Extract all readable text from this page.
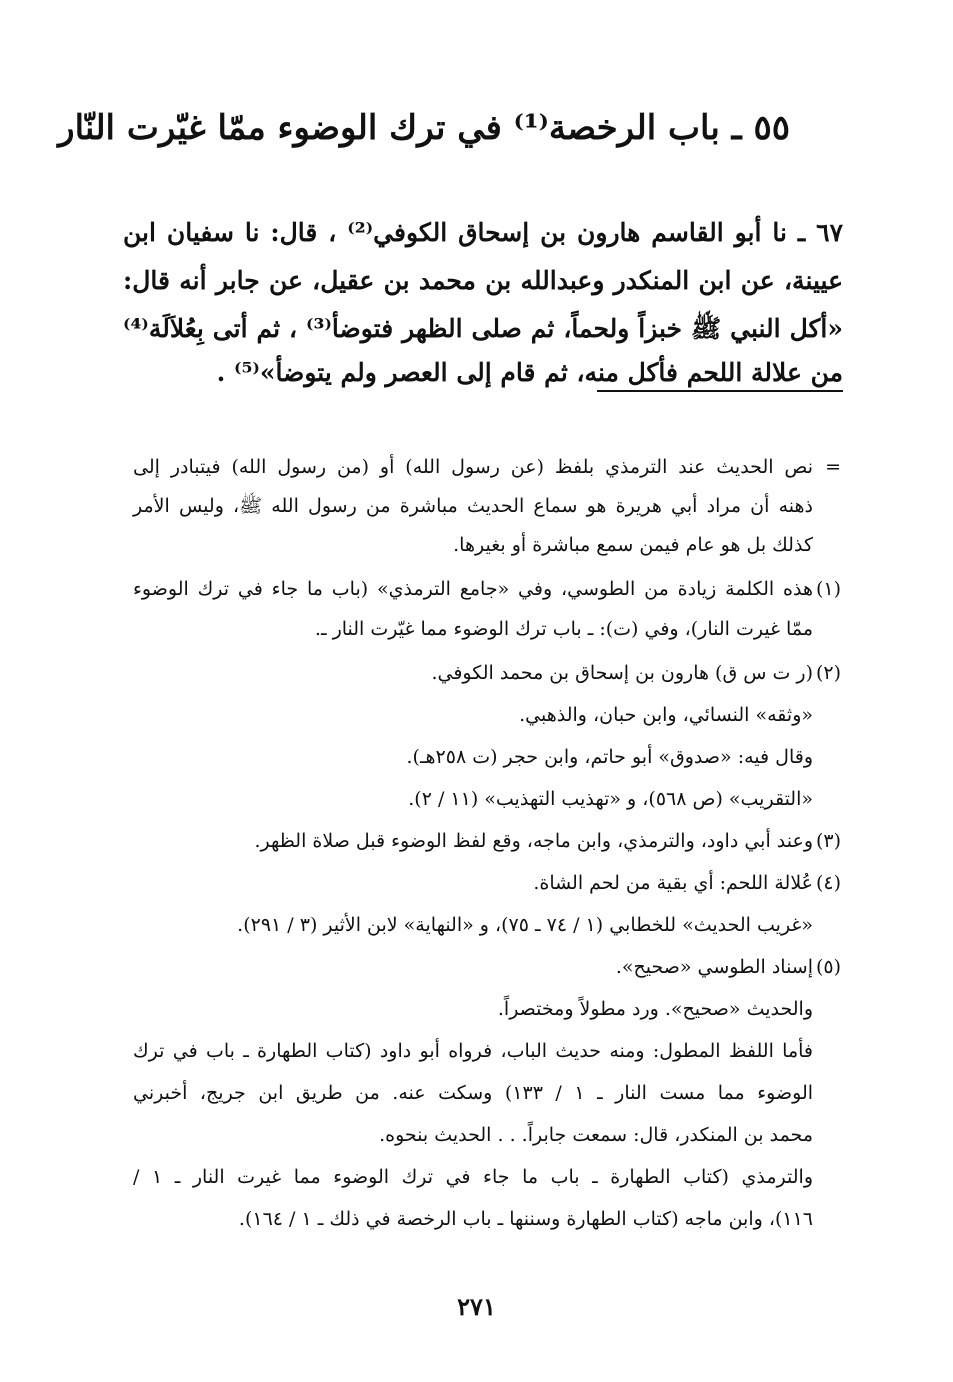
٥٥ ـ باب الرخصة⁽¹⁾ في ترك الوضوء ممّا غيّرت النّار
٦٧ ـ نا أبو القاسم هارون بن إسحاق الكوفي⁽²⁾ ، قال: نا سفيان ابن
عيينة، عن ابن المنكدر وعبدالله بن محمد بن عقيل، عن جابر أنه قال:
«أكل النبي ﷺ خبزاً ولحماً، ثم صلى الظهر فتوضأ⁽³⁾ ، ثم أتى بِعُلاَلَة⁽⁴⁾
من علالة اللحم فأكل منه، ثم قام إلى العصر ولم يتوضأ»⁽⁵⁾ .
=
نص الحديث عند الترمذي بلفظ (عن رسول الله) أو (من رسول الله) فيتبادر إلى
ذهنه أن مراد أبي هريرة هو سماع الحديث مباشرة من رسول الله ﷺ، وليس الأمر
كذلك بل هو عام فيمن سمع مباشرة أو بغيرها.
(١)
هذه الكلمة زيادة من الطوسي، وفي «جامع الترمذي» (باب ما جاء في ترك الوضوء
ممّا غيرت النار)، وفي (ت): ـ باب ترك الوضوء مما غيّرت النار ـ.
(٢)
(ر ت س ق) هارون بن إسحاق بن محمد الكوفي.
«وثقه» النسائي، وابن حبان، والذهبي.
وقال فيه: «صدوق» أبو حاتم، وابن حجر (ت ٢٥٨هـ).
«التقريب» (ص ٥٦٨)، و «تهذيب التهذيب» (١١ / ٢).
(٣)
وعند أبي داود، والترمذي، وابن ماجه، وقع لفظ الوضوء قبل صلاة الظهر.
(٤)
عُلالة اللحم: أي بقية من لحم الشاة.
«غريب الحديث» للخطابي (١ / ٧٤ ـ ٧٥)، و «النهاية» لابن الأثير (٣ / ٢٩١).
(٥)
إسناد الطوسي «صحيح».
والحديث «صحيح». ورد مطولاً ومختصراً.
فأما اللفظ المطول: ومنه حديث الباب، فرواه أبو داود (كتاب الطهارة ـ باب في ترك
الوضوء مما مست النار ـ ١ / ١٣٣) وسكت عنه. من طريق ابن جريج، أخبرني
محمد بن المنكدر، قال: سمعت جابراً. . . الحديث بنحوه.
والترمذي (كتاب الطهارة ـ باب ما جاء في ترك الوضوء مما غيرت النار ـ ١ /
١١٦)، وابن ماجه (كتاب الطهارة وسننها ـ باب الرخصة في ذلك ـ ١ / ١٦٤).
٢٧١
